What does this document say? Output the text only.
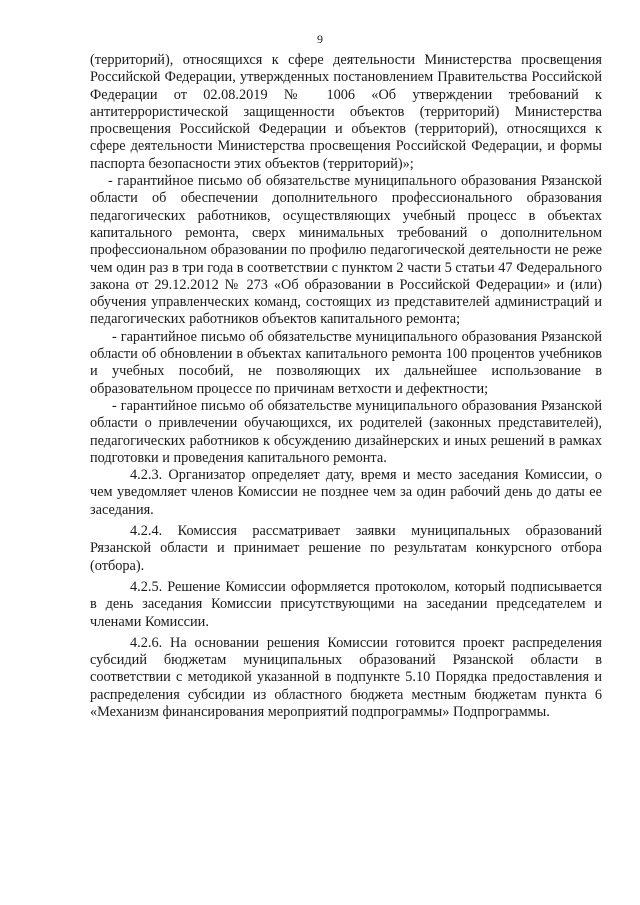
9

(территорий), относящихся к сфере деятельности Министерства просвещения Российской Федерации, утвержденных постановлением Правительства Российской Федерации от 02.08.2019 № 1006 «Об утверждении требований к антитеррористической защищенности объектов (территорий) Министерства просвещения Российской Федерации и объектов (территорий), относящихся к сфере деятельности Министерства просвещения Российской Федерации, и формы паспорта безопасности этих объектов (территорий)»;

- гарантийное письмо об обязательстве муниципального образования Рязанской области об обеспечении дополнительного профессионального образования педагогических работников, осуществляющих учебный процесс в объектах капитального ремонта, сверх минимальных требований о дополнительном профессиональном образовании по профилю педагогической деятельности не реже чем один раз в три года в соответствии с пунктом 2 части 5 статьи 47 Федерального закона от 29.12.2012 № 273 «Об образовании в Российской Федерации» и (или) обучения управленческих команд, состоящих из представителей администраций и педагогических работников объектов капитального ремонта;

- гарантийное письмо об обязательстве муниципального образования Рязанской области об обновлении в объектах капитального ремонта 100 процентов учебников и учебных пособий, не позволяющих их дальнейшее использование в образовательном процессе по причинам ветхости и дефектности;

- гарантийное письмо об обязательстве муниципального образования Рязанской области о привлечении обучающихся, их родителей (законных представителей), педагогических работников к обсуждению дизайнерских и иных решений в рамках подготовки и проведения капитального ремонта.

4.2.3. Организатор определяет дату, время и место заседания Комиссии, о чем уведомляет членов Комиссии не позднее чем за один рабочий день до даты ее заседания.

4.2.4. Комиссия рассматривает заявки муниципальных образований Рязанской области и принимает решение по результатам конкурсного отбора (отбора).

4.2.5. Решение Комиссии оформляется протоколом, который подписывается в день заседания Комиссии присутствующими на заседании председателем и членами Комиссии.

4.2.6. На основании решения Комиссии готовится проект распределения субсидий бюджетам муниципальных образований Рязанской области в соответствии с методикой указанной в подпункте 5.10 Порядка предоставления и распределения субсидии из областного бюджета местным бюджетам пункта 6 «Механизм финансирования мероприятий подпрограммы» Подпрограммы.
